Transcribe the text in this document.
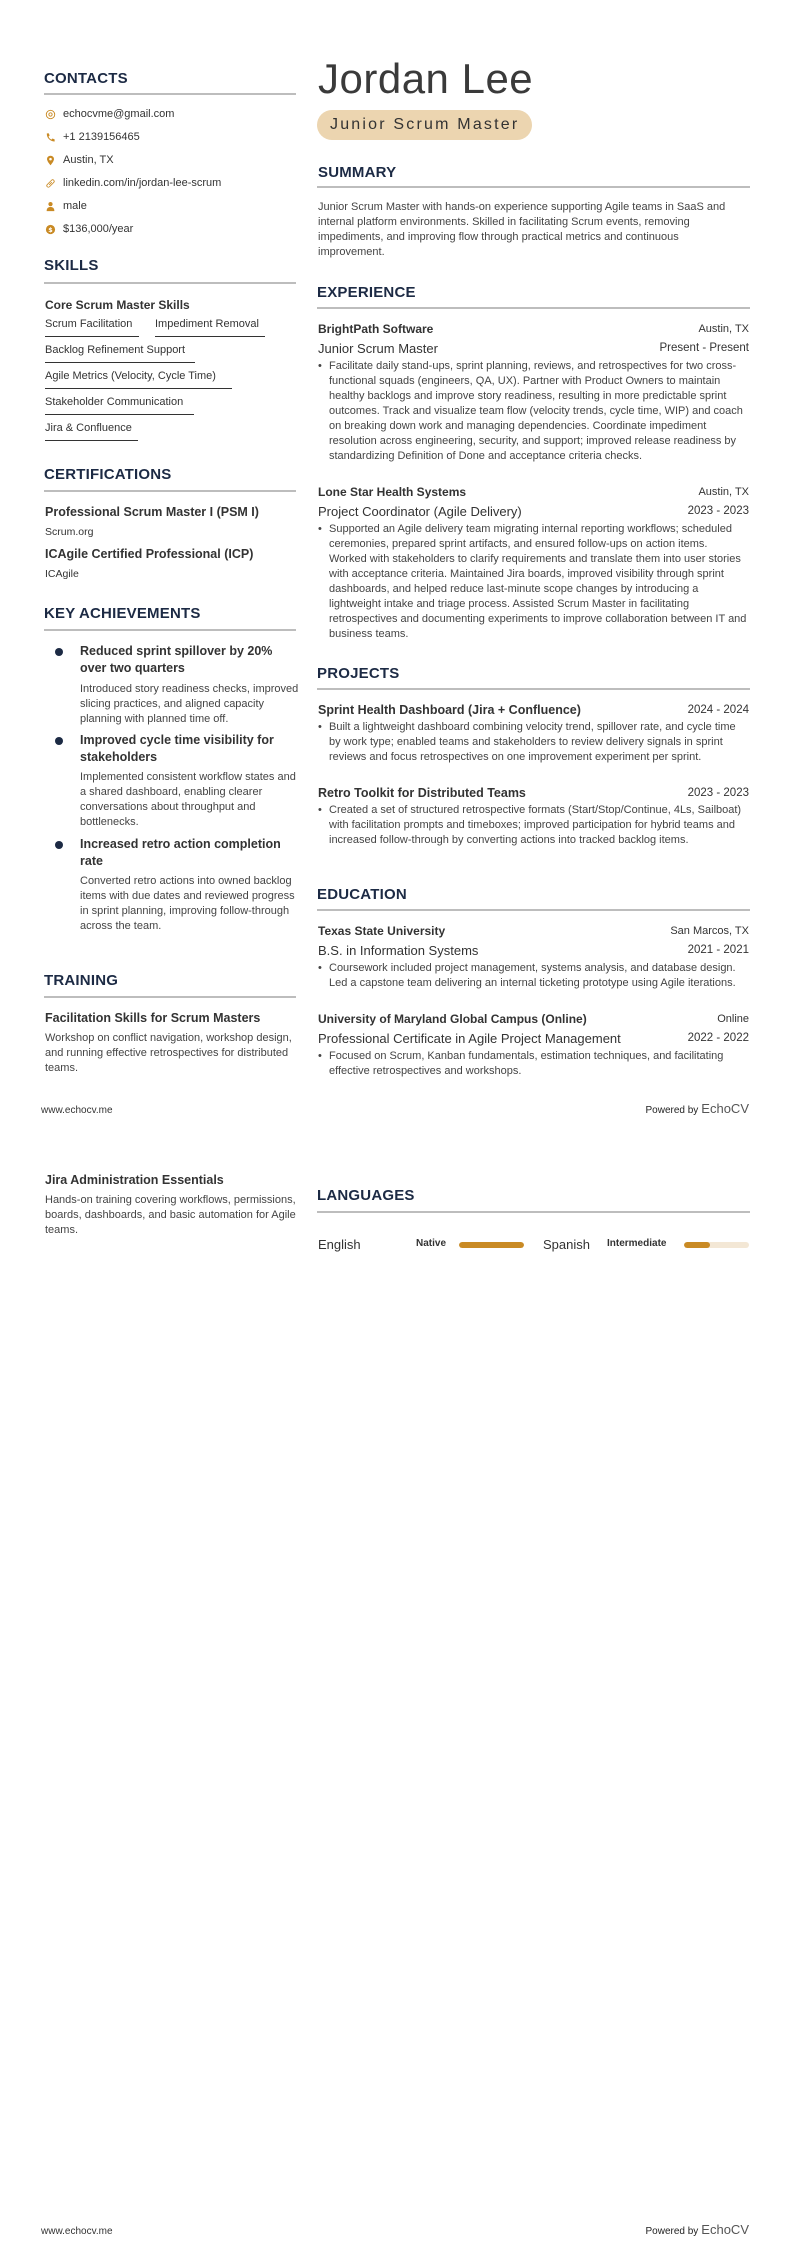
CONTACTS
echocvme@gmail.com
+1 2139156465
Austin, TX
linkedin.com/in/jordan-lee-scrum
male
$ $136,000/year
SKILLS
Core Scrum Master Skills
Scrum Facilitation	Impediment Removal
Backlog Refinement Support
Agile Metrics (Velocity, Cycle Time)
Stakeholder Communication
Jira & Confluence
CERTIFICATIONS
Professional Scrum Master I (PSM I)
Scrum.org
ICAgile Certified Professional (ICP)
ICAgile
KEY ACHIEVEMENTS
Reduced sprint spillover by 20% over two quarters
Introduced story readiness checks, improved slicing practices, and aligned capacity planning with planned time off.
Improved cycle time visibility for stakeholders
Implemented consistent workflow states and a shared dashboard, enabling clearer conversations about throughput and bottlenecks.
Increased retro action completion rate
Converted retro actions into owned backlog items with due dates and reviewed progress in sprint planning, improving follow-through across the team.
TRAINING
Facilitation Skills for Scrum Masters
Workshop on conflict navigation, workshop design, and running effective retrospectives for distributed teams.
Jordan Lee
Junior Scrum Master
SUMMARY
Junior Scrum Master with hands-on experience supporting Agile teams in SaaS and internal platform environments. Skilled in facilitating Scrum events, removing impediments, and improving flow through practical metrics and continuous improvement.
EXPERIENCE
BrightPath Software	Austin, TX
Junior Scrum Master	Present - Present
• Facilitate daily stand-ups, sprint planning, reviews, and retrospectives for two cross-functional squads (engineers, QA, UX). Partner with Product Owners to maintain healthy backlogs and improve story readiness, resulting in more predictable sprint outcomes. Track and visualize team flow (velocity trends, cycle time, WIP) and coach on breaking down work and managing dependencies. Coordinate impediment resolution across engineering, security, and support; improved release readiness by standardizing Definition of Done and acceptance criteria checks.
Lone Star Health Systems	Austin, TX
Project Coordinator (Agile Delivery)	2023 - 2023
• Supported an Agile delivery team migrating internal reporting workflows; scheduled ceremonies, prepared sprint artifacts, and ensured follow-ups on action items. Worked with stakeholders to clarify requirements and translate them into user stories with acceptance criteria. Maintained Jira boards, improved visibility through sprint dashboards, and helped reduce last-minute scope changes by introducing a lightweight intake and triage process. Assisted Scrum Master in facilitating retrospectives and documenting experiments to improve collaboration between IT and business teams.
PROJECTS
Sprint Health Dashboard (Jira + Confluence)	2024 - 2024
• Built a lightweight dashboard combining velocity trend, spillover rate, and cycle time by work type; enabled teams and stakeholders to review delivery signals in sprint reviews and focus retrospectives on one improvement experiment per sprint.
Retro Toolkit for Distributed Teams	2023 - 2023
• Created a set of structured retrospective formats (Start/Stop/Continue, 4Ls, Sailboat) with facilitation prompts and timeboxes; improved participation for hybrid teams and increased follow-through by converting actions into tracked backlog items.
EDUCATION
Texas State University	San Marcos, TX
B.S. in Information Systems	2021 - 2021
• Coursework included project management, systems analysis, and database design. Led a capstone team delivering an internal ticketing prototype using Agile iterations.
University of Maryland Global Campus (Online)	Online
Professional Certificate in Agile Project Management	2022 - 2022
• Focused on Scrum, Kanban fundamentals, estimation techniques, and facilitating effective retrospectives and workshops.
www.echocv.me	Powered by EchoCV
Jira Administration Essentials
Hands-on training covering workflows, permissions, boards, dashboards, and basic automation for Agile teams.
LANGUAGES
English	Native	Spanish Intermediate
www.echocv.me	Powered by EchoCV
